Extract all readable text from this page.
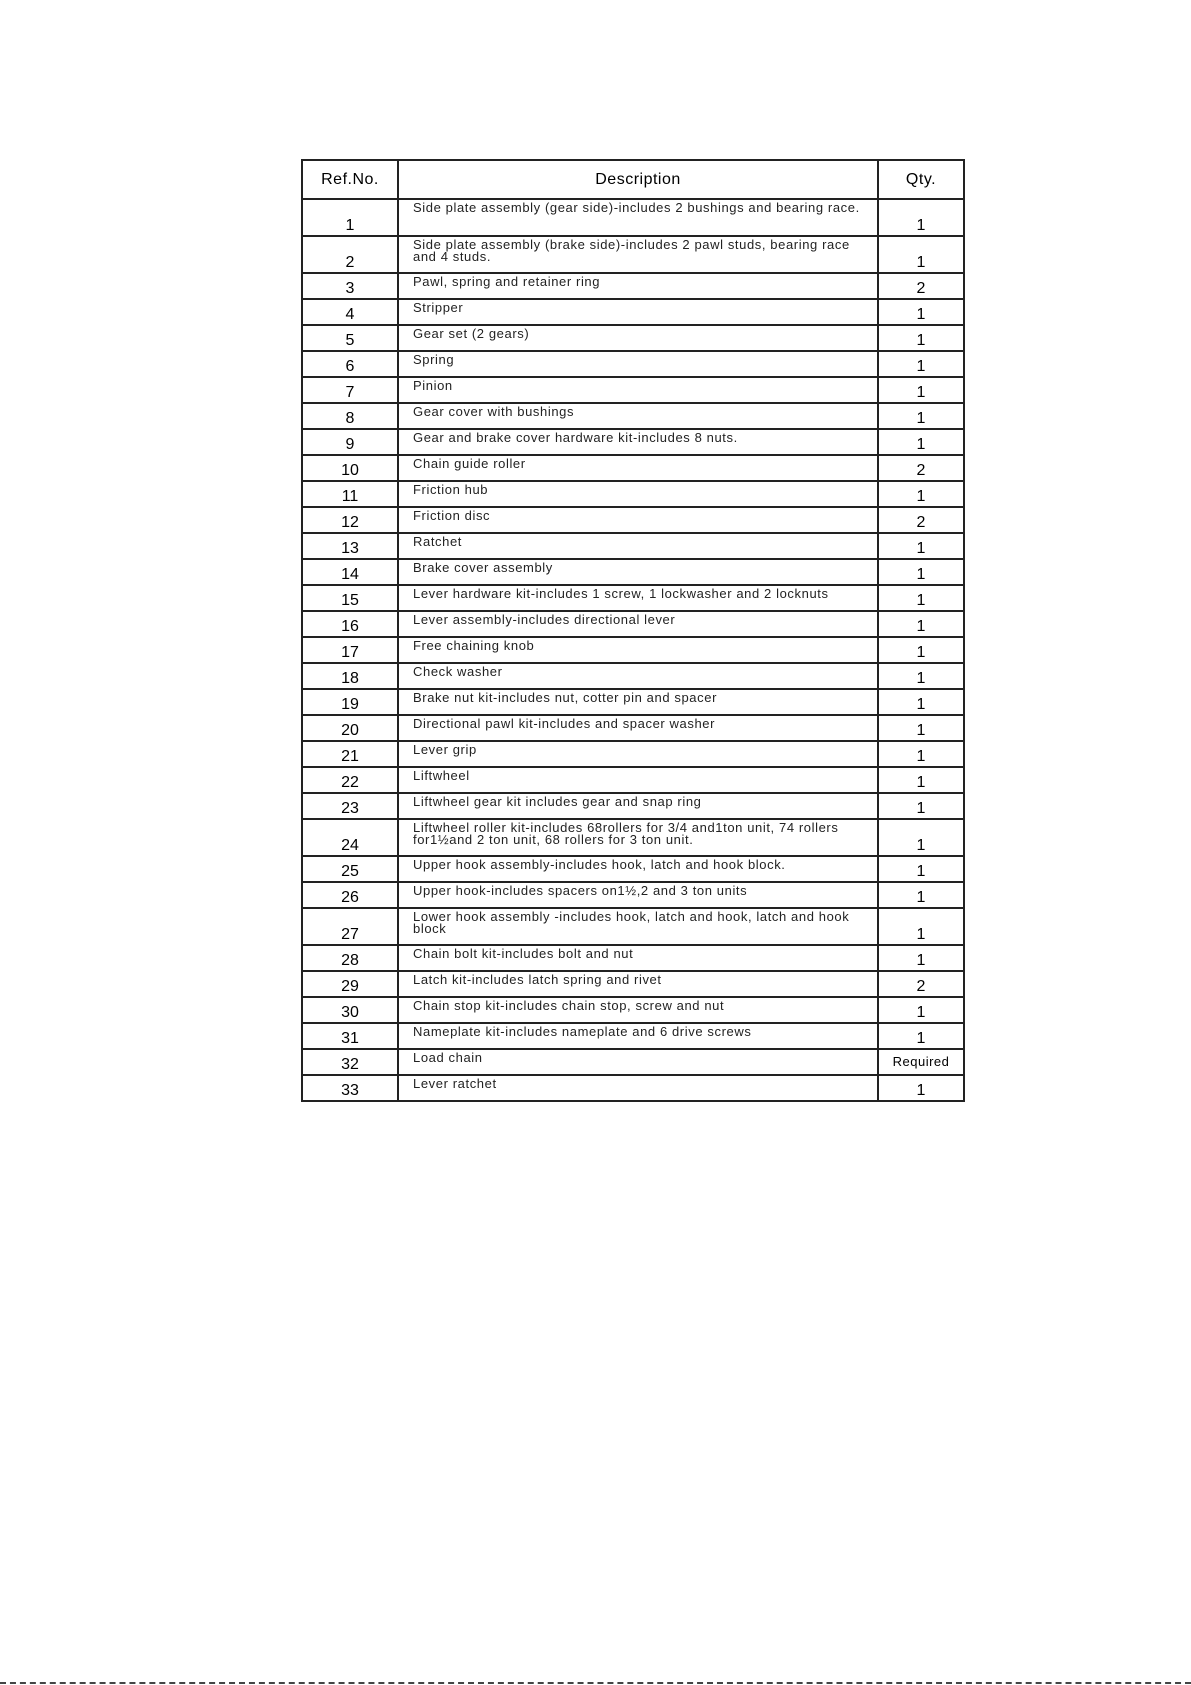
Ref.No.	Description	Qty.
1	Side plate assembly (gear side)-includes 2 bushings and bearing race.	1
2	Side plate assembly (brake side)-includes 2 pawl studs, bearing race and 4 studs.	1
3	Pawl, spring and retainer ring	2
4	Stripper	1
5	Gear set (2 gears)	1
6	Spring	1
7	Pinion	1
8	Gear cover with bushings	1
9	Gear and brake cover hardware kit-includes 8 nuts.	1
10	Chain guide roller	2
11	Friction hub	1
12	Friction disc	2
13	Ratchet	1
14	Brake cover assembly	1
15	Lever hardware kit-includes 1 screw, 1 lockwasher and 2 locknuts	1
16	Lever assembly-includes directional lever	1
17	Free chaining knob	1
18	Check washer	1
19	Brake nut kit-includes nut, cotter pin and spacer	1
20	Directional pawl kit-includes and spacer washer	1
21	Lever grip	1
22	Liftwheel	1
23	Liftwheel gear kit includes gear and snap ring	1
24	Liftwheel roller kit-includes 68rollers for 3/4 and1ton unit, 74 rollers for1½and 2 ton unit, 68 rollers for 3 ton unit.	1
25	Upper hook assembly-includes hook, latch and hook block.	1
26	Upper hook-includes spacers on1½,2 and 3 ton units	1
27	Lower hook assembly -includes hook, latch and hook, latch and hook block	1
28	Chain bolt kit-includes bolt and nut	1
29	Latch kit-includes latch spring and rivet	2
30	Chain stop kit-includes chain stop, screw and nut	1
31	Nameplate kit-includes nameplate and 6 drive screws	1
32	Load chain	Required
33	Lever ratchet	1
